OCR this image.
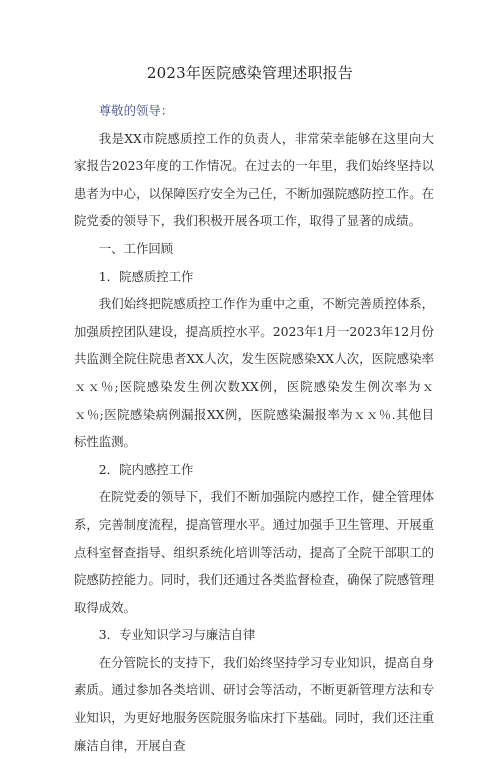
2023年医院感染管理述职报告

尊敬的领导：

我是XX市院感质控工作的负责人，非常荣幸能够在这里向大家报告2023年度的工作情况。在过去的一年里，我们始终坚持以患者为中心，以保障医疗安全为己任，不断加强院感防控工作。在院党委的领导下，我们积极开展各项工作，取得了显著的成绩。

一、工作回顾

1．院感质控工作

我们始终把院感质控工作作为重中之重，不断完善质控体系，加强质控团队建设，提高质控水平。2023年1月一2023年12月份共监测全院住院患者XX人次，发生医院感染XX人次，医院感染率ｘｘ％;医院感染发生例次数XX例，医院感染发生例次率为ｘｘ％;医院感染病例漏报XX例，医院感染漏报率为ｘｘ％.其他目标性监测。

2．院内感控工作

在院党委的领导下，我们不断加强院内感控工作，健全管理体系，完善制度流程，提高管理水平。通过加强手卫生管理、开展重点科室督查指导、组织系统化培训等活动，提高了全院干部职工的院感防控能力。同时，我们还通过各类监督检查，确保了院感管理取得成效。

3．专业知识学习与廉洁自律

在分管院长的支持下，我们始终坚持学习专业知识，提高自身素质。通过参加各类培训、研讨会等活动，不断更新管理方法和专业知识，为更好地服务医院服务临床打下基础。同时，我们还注重廉洁自律，开展自查
